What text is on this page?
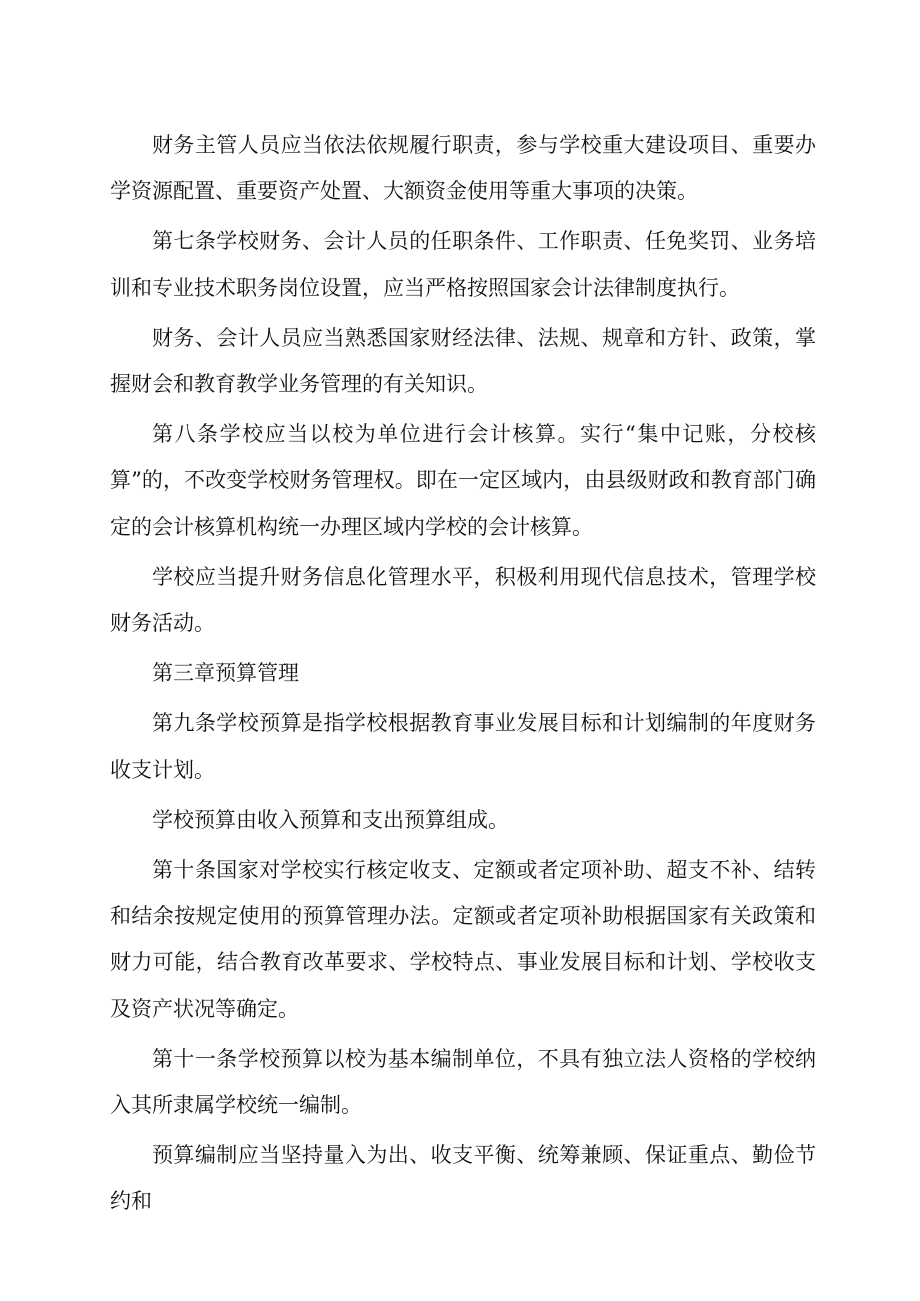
财务主管人员应当依法依规履行职责，参与学校重大建设项目、重要办学资源配置、重要资产处置、大额资金使用等重大事项的决策。

第七条学校财务、会计人员的任职条件、工作职责、任免奖罚、业务培训和专业技术职务岗位设置，应当严格按照国家会计法律制度执行。

财务、会计人员应当熟悉国家财经法律、法规、规章和方针、政策，掌握财会和教育教学业务管理的有关知识。

第八条学校应当以校为单位进行会计核算。实行“集中记账，分校核算”的，不改变学校财务管理权。即在一定区域内，由县级财政和教育部门确定的会计核算机构统一办理区域内学校的会计核算。

学校应当提升财务信息化管理水平，积极利用现代信息技术，管理学校财务活动。

第三章预算管理

第九条学校预算是指学校根据教育事业发展目标和计划编制的年度财务收支计划。

学校预算由收入预算和支出预算组成。

第十条国家对学校实行核定收支、定额或者定项补助、超支不补、结转和结余按规定使用的预算管理办法。定额或者定项补助根据国家有关政策和财力可能，结合教育改革要求、学校特点、事业发展目标和计划、学校收支及资产状况等确定。

第十一条学校预算以校为基本编制单位，不具有独立法人资格的学校纳入其所隶属学校统一编制。

预算编制应当坚持量入为出、收支平衡、统筹兼顾、保证重点、勤俭节约和
